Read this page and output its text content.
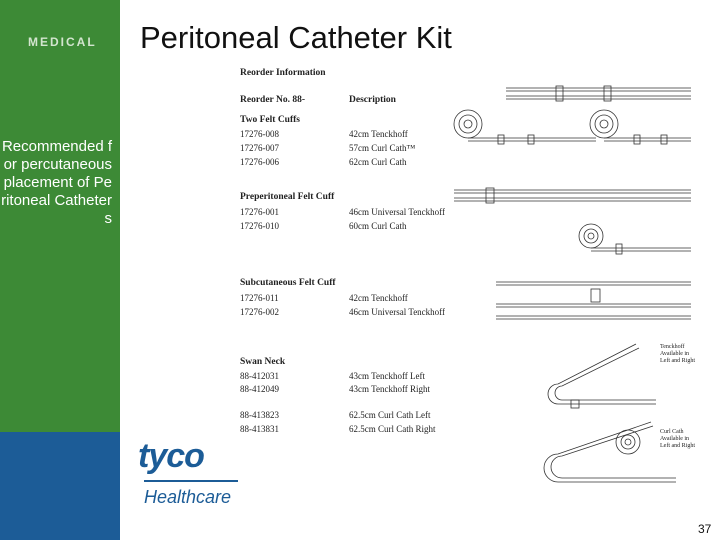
MEDICAL
Recommended for percutaneous placement of Peritoneal Catheters
Peritoneal Catheter Kit
Reorder Information
Reorder No. 88-	Description
Two Felt Cuffs
17276-008	42cm Tenckhoff
17276-007	57cm Curl Cath™
17276-006	62cm Curl Cath
Preperitoneal Felt Cuff
17276-001	46cm Universal Tenckhoff
17276-010	60cm Curl Cath
Subcutaneous Felt Cuff
17276-011	42cm Tenckhoff
17276-002	46cm Universal Tenckhoff
Swan Neck
88-412031	43cm Tenckhoff Left
88-412049	43cm Tenckhoff Right
88-413823	62.5cm Curl Cath Left
88-413831	62.5cm Curl Cath Right
Tenckhoff Available in Left and Right
Curl Cath Available in Left and Right
tyco
Healthcare
37
